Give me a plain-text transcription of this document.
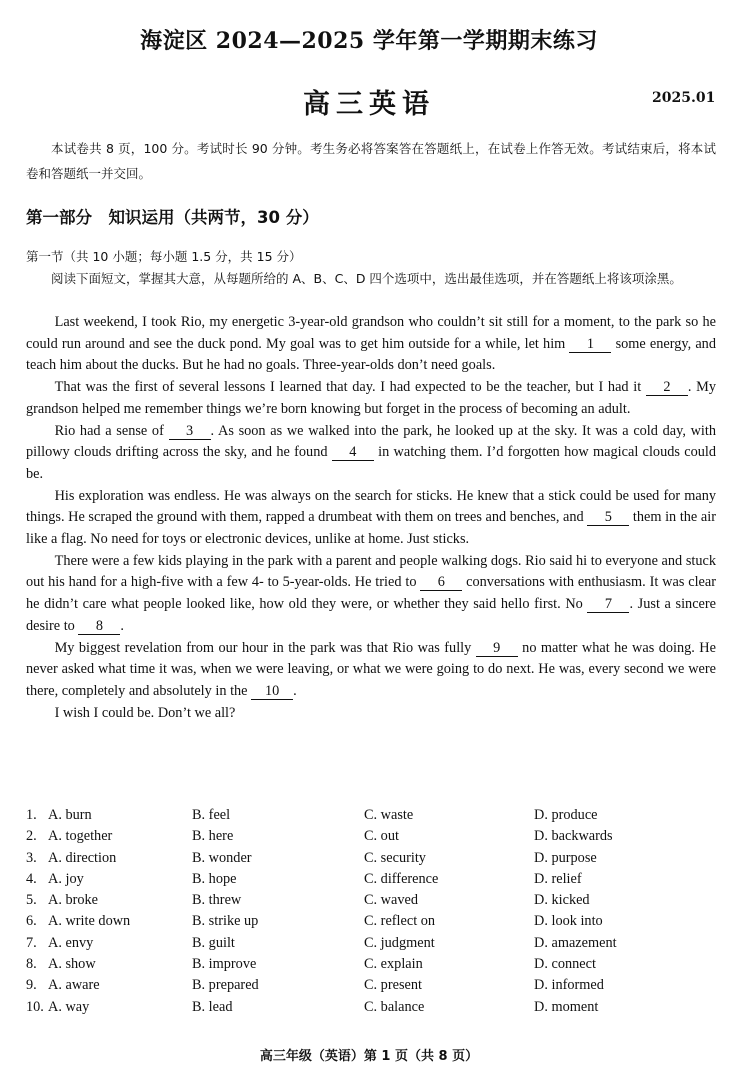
海淀区 2024—2025 学年第一学期期末练习
高三英语	2025.01
本试卷共 8 页，100 分。考试时长 90 分钟。考生务必将答案答在答题纸上，在试卷上作答无效。考试结束后，将本试卷和答题纸一并交回。
第一部分　知识运用（共两节，30 分）
第一节（共 10 小题；每小题 1.5 分，共 15 分）
阅读下面短文，掌握其大意，从每题所给的 A、B、C、D 四个选项中，选出最佳选项，并在答题纸上将该项涂黑。

Last weekend, I took Rio, my energetic 3-year-old grandson who couldn’t sit still for a moment, to the park so he could run around and see the duck pond. My goal was to get him outside for a while, let him 1 some energy, and teach him about the ducks. But he had no goals. Three-year-olds don’t need goals.

That was the first of several lessons I learned that day. I had expected to be the teacher, but I had it 2 . My grandson helped me remember things we’re born knowing but forget in the process of becoming an adult.

Rio had a sense of 3 . As soon as we walked into the park, he looked up at the sky. It was a cold day, with pillowy clouds drifting across the sky, and he found 4 in watching them. I’d forgotten how magical clouds could be.

His exploration was endless. He was always on the search for sticks. He knew that a stick could be used for many things. He scraped the ground with them, rapped a drumbeat with them on trees and benches, and 5 them in the air like a flag. No need for toys or electronic devices, unlike at home. Just sticks.

There were a few kids playing in the park with a parent and people walking dogs. Rio said hi to everyone and stuck out his hand for a high-five with a few 4- to 5-year-olds. He tried to 6 conversations with enthusiasm. It was clear he didn’t care what people looked like, how old they were, or whether they said hello first. No 7 . Just a sincere desire to 8 .

My biggest revelation from our hour in the park was that Rio was fully 9 no matter what he was doing. He never asked what time it was, when we were leaving, or what we were going to do next. He was, every second we were there, completely and absolutely in the 10 .

I wish I could be. Don’t we all?

1. A. burn	B. feel	C. waste	D. produce
2. A. together	B. here	C. out	D. backwards
3. A. direction	B. wonder	C. security	D. purpose
4. A. joy	B. hope	C. difference	D. relief
5. A. broke	B. threw	C. waved	D. kicked
6. A. write down	B. strike up	C. reflect on	D. look into
7. A. envy	B. guilt	C. judgment	D. amazement
8. A. show	B. improve	C. explain	D. connect
9. A. aware	B. prepared	C. present	D. informed
10. A. way	B. lead	C. balance	D. moment
高三年级（英语）第 1 页（共 8 页）
